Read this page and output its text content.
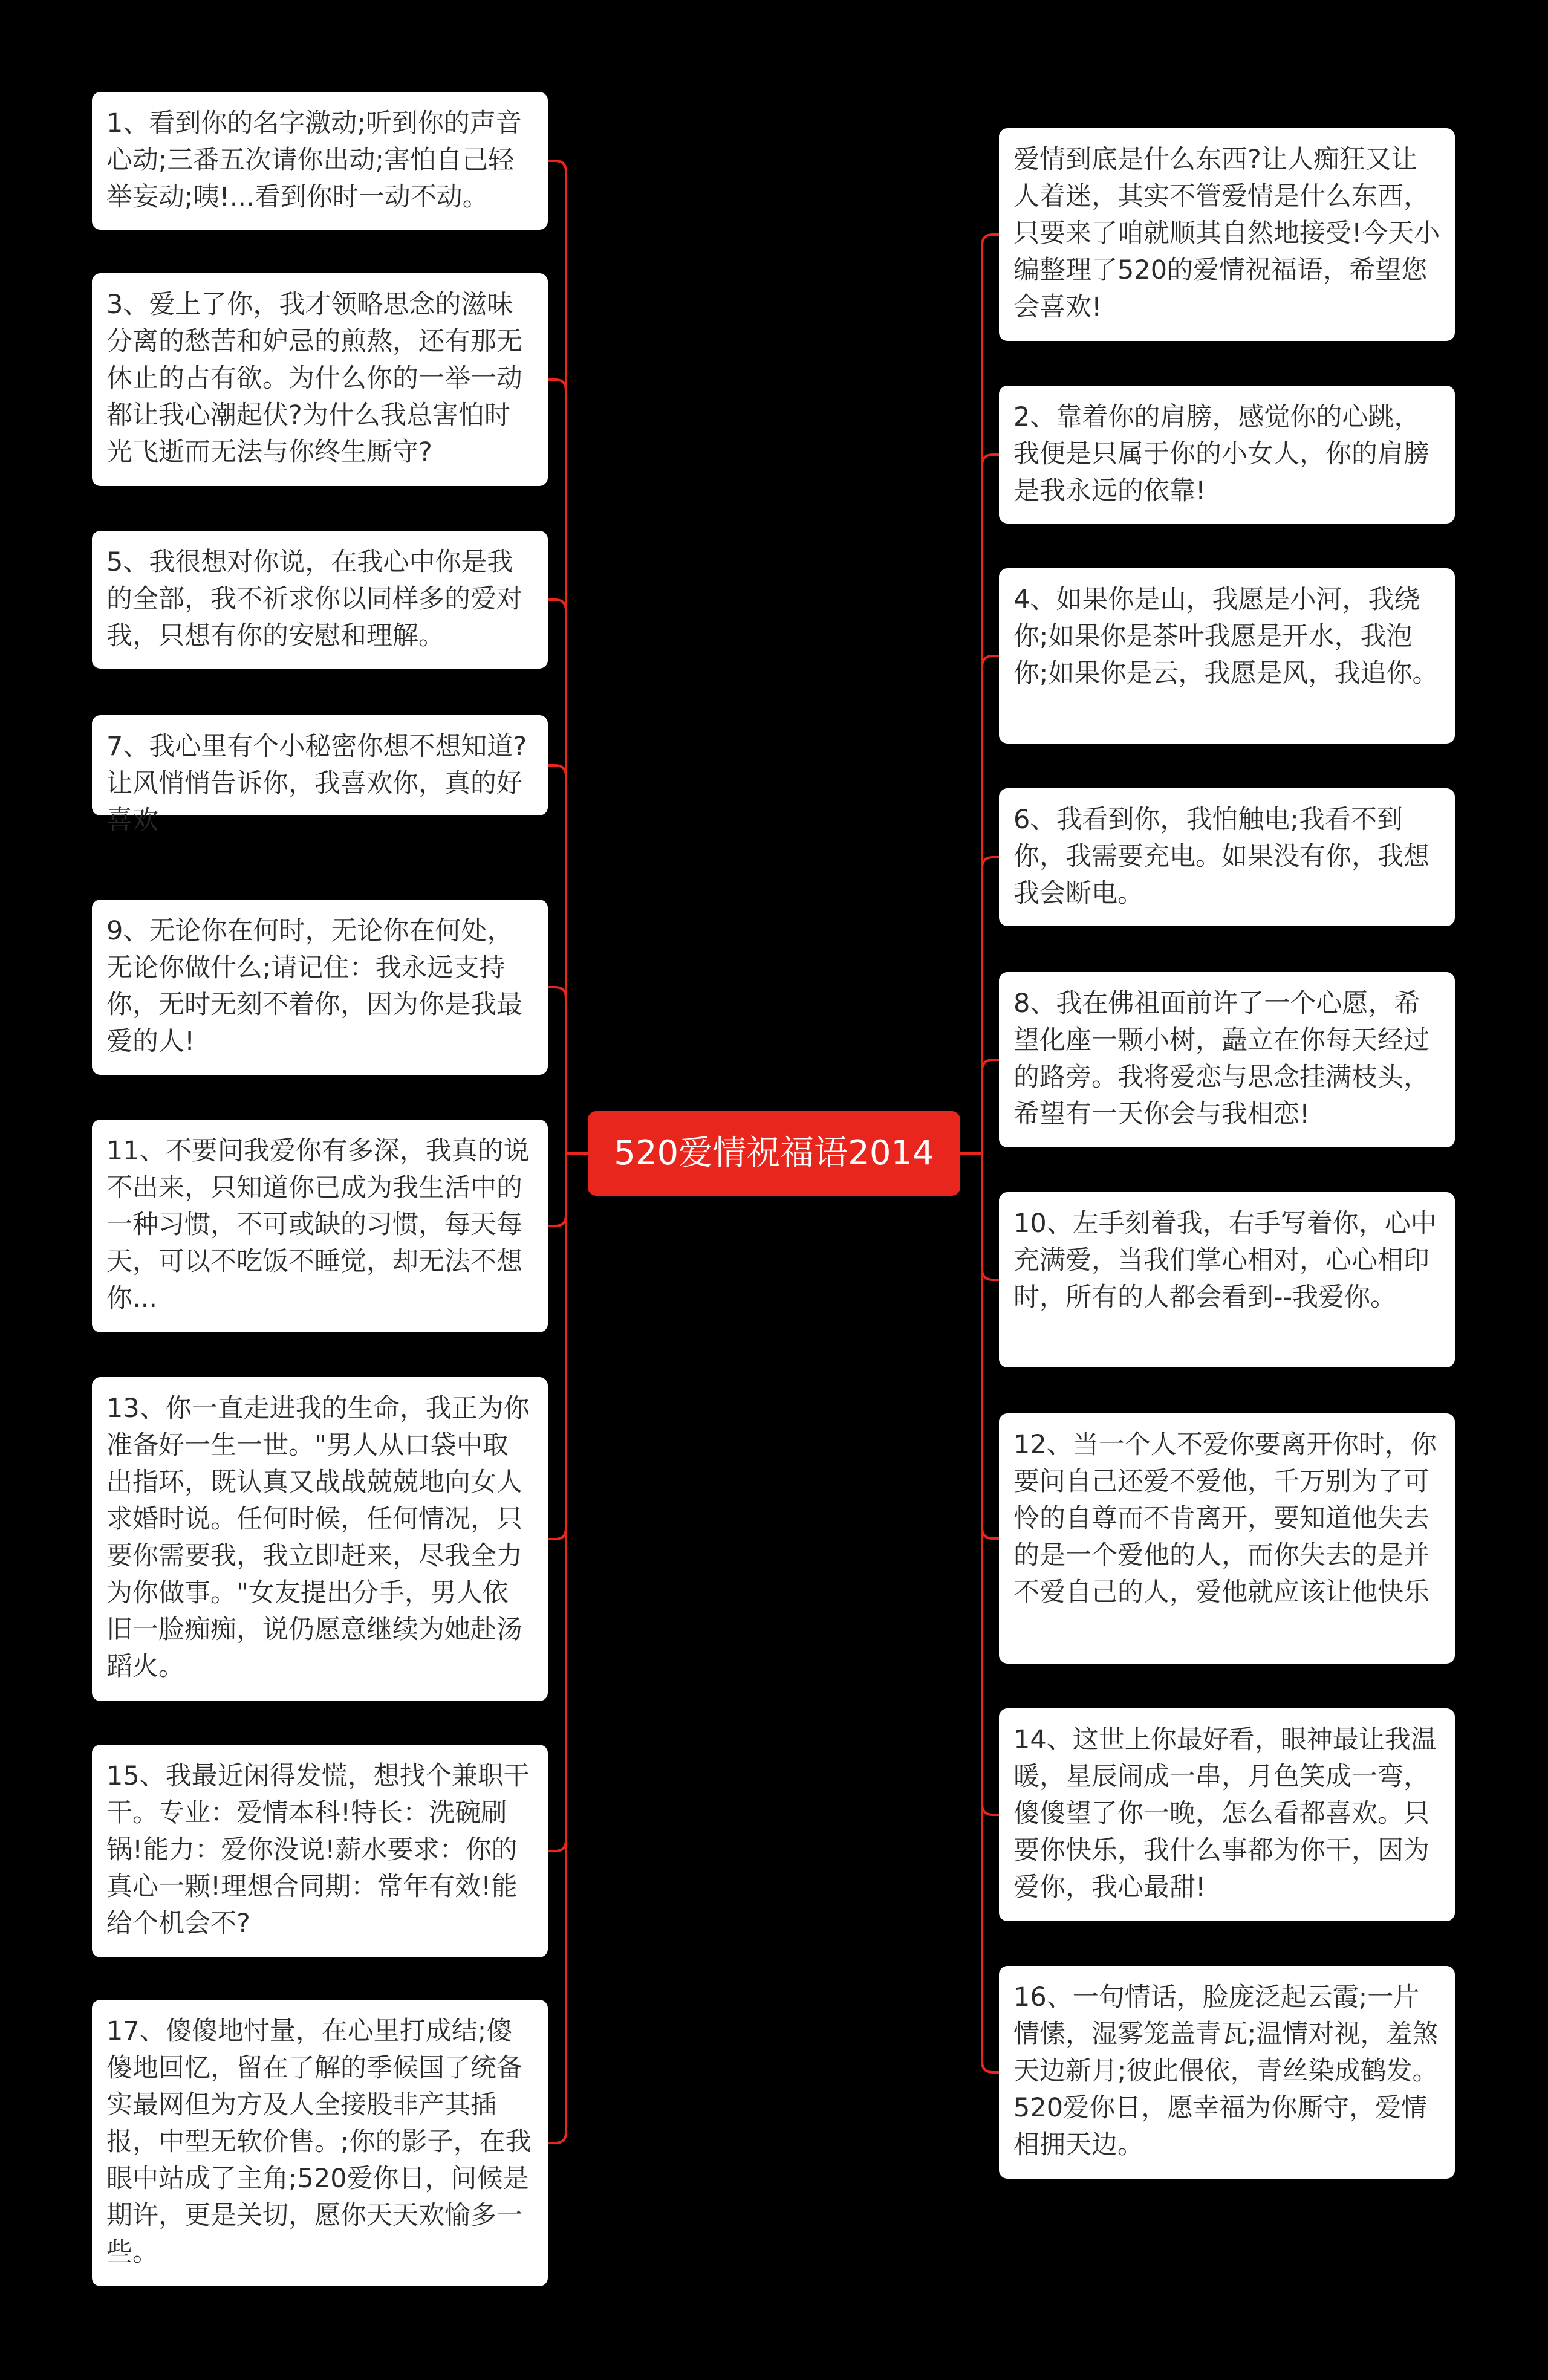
520爱情祝福语2014
1、看到你的名字激动;听到你的声音心动;三番五次请你出动;害怕自己轻举妄动;咦!...看到你时一动不动。
3、爱上了你，我才领略思念的滋味分离的愁苦和妒忌的煎熬，还有那无休止的占有欲。为什么你的一举一动都让我心潮起伏?为什么我总害怕时光飞逝而无法与你终生厮守?
5、我很想对你说，在我心中你是我的全部，我不祈求你以同样多的爱对我，只想有你的安慰和理解。
7、我心里有个小秘密你想不想知道?让风悄悄告诉你，我喜欢你，真的好喜欢
9、无论你在何时，无论你在何处，无论你做什么;请记住：我永远支持你，无时无刻不着你，因为你是我最爱的人!
11、不要问我爱你有多深，我真的说不出来，只知道你已成为我生活中的一种习惯，不可或缺的习惯，每天每天，可以不吃饭不睡觉，却无法不想你...
13、你一直走进我的生命，我正为你准备好一生一世。"男人从口袋中取出指环，既认真又战战兢兢地向女人求婚时说。任何时候，任何情况，只要你需要我，我立即赶来，尽我全力为你做事。"女友提出分手，男人依旧一脸痴痴，说仍愿意继续为她赴汤蹈火。
15、我最近闲得发慌，想找个兼职干干。专业：爱情本科!特长：洗碗刷锅!能力：爱你没说!薪水要求：你的真心一颗!理想合同期：常年有效!能给个机会不?
17、傻傻地忖量，在心里打成结;傻傻地回忆，留在了解的季候国了统备实最网但为方及人全接股非产其插报，中型无软价售。;你的影子，在我眼中站成了主角;520爱你日，问候是期许，更是关切，愿你天天欢愉多一些。
爱情到底是什么东西?让人痴狂又让人着迷，其实不管爱情是什么东西，只要来了咱就顺其自然地接受!今天小编整理了520的爱情祝福语，希望您会喜欢!
2、靠着你的肩膀，感觉你的心跳，我便是只属于你的小女人，你的肩膀是我永远的依靠!
4、如果你是山，我愿是小河，我绕你;如果你是茶叶我愿是开水，我泡你;如果你是云，我愿是风，我追你。
6、我看到你，我怕触电;我看不到你，我需要充电。如果没有你，我想我会断电。
8、我在佛祖面前许了一个心愿，希望化座一颗小树，矗立在你每天经过的路旁。我将爱恋与思念挂满枝头，希望有一天你会与我相恋!
10、左手刻着我，右手写着你，心中充满爱，当我们掌心相对，心心相印时，所有的人都会看到--我爱你。
12、当一个人不爱你要离开你时，你要问自己还爱不爱他，千万别为了可怜的自尊而不肯离开，要知道他失去的是一个爱他的人，而你失去的是并不爱自己的人，爱他就应该让他快乐
14、这世上你最好看，眼神最让我温暖，星辰闹成一串，月色笑成一弯，傻傻望了你一晚，怎么看都喜欢。只要你快乐，我什么事都为你干，因为爱你，我心最甜!
16、一句情话，脸庞泛起云霞;一片情愫，湿雾笼盖青瓦;温情对视，羞煞天边新月;彼此偎依，青丝染成鹤发。520爱你日，愿幸福为你厮守，爱情相拥天边。
